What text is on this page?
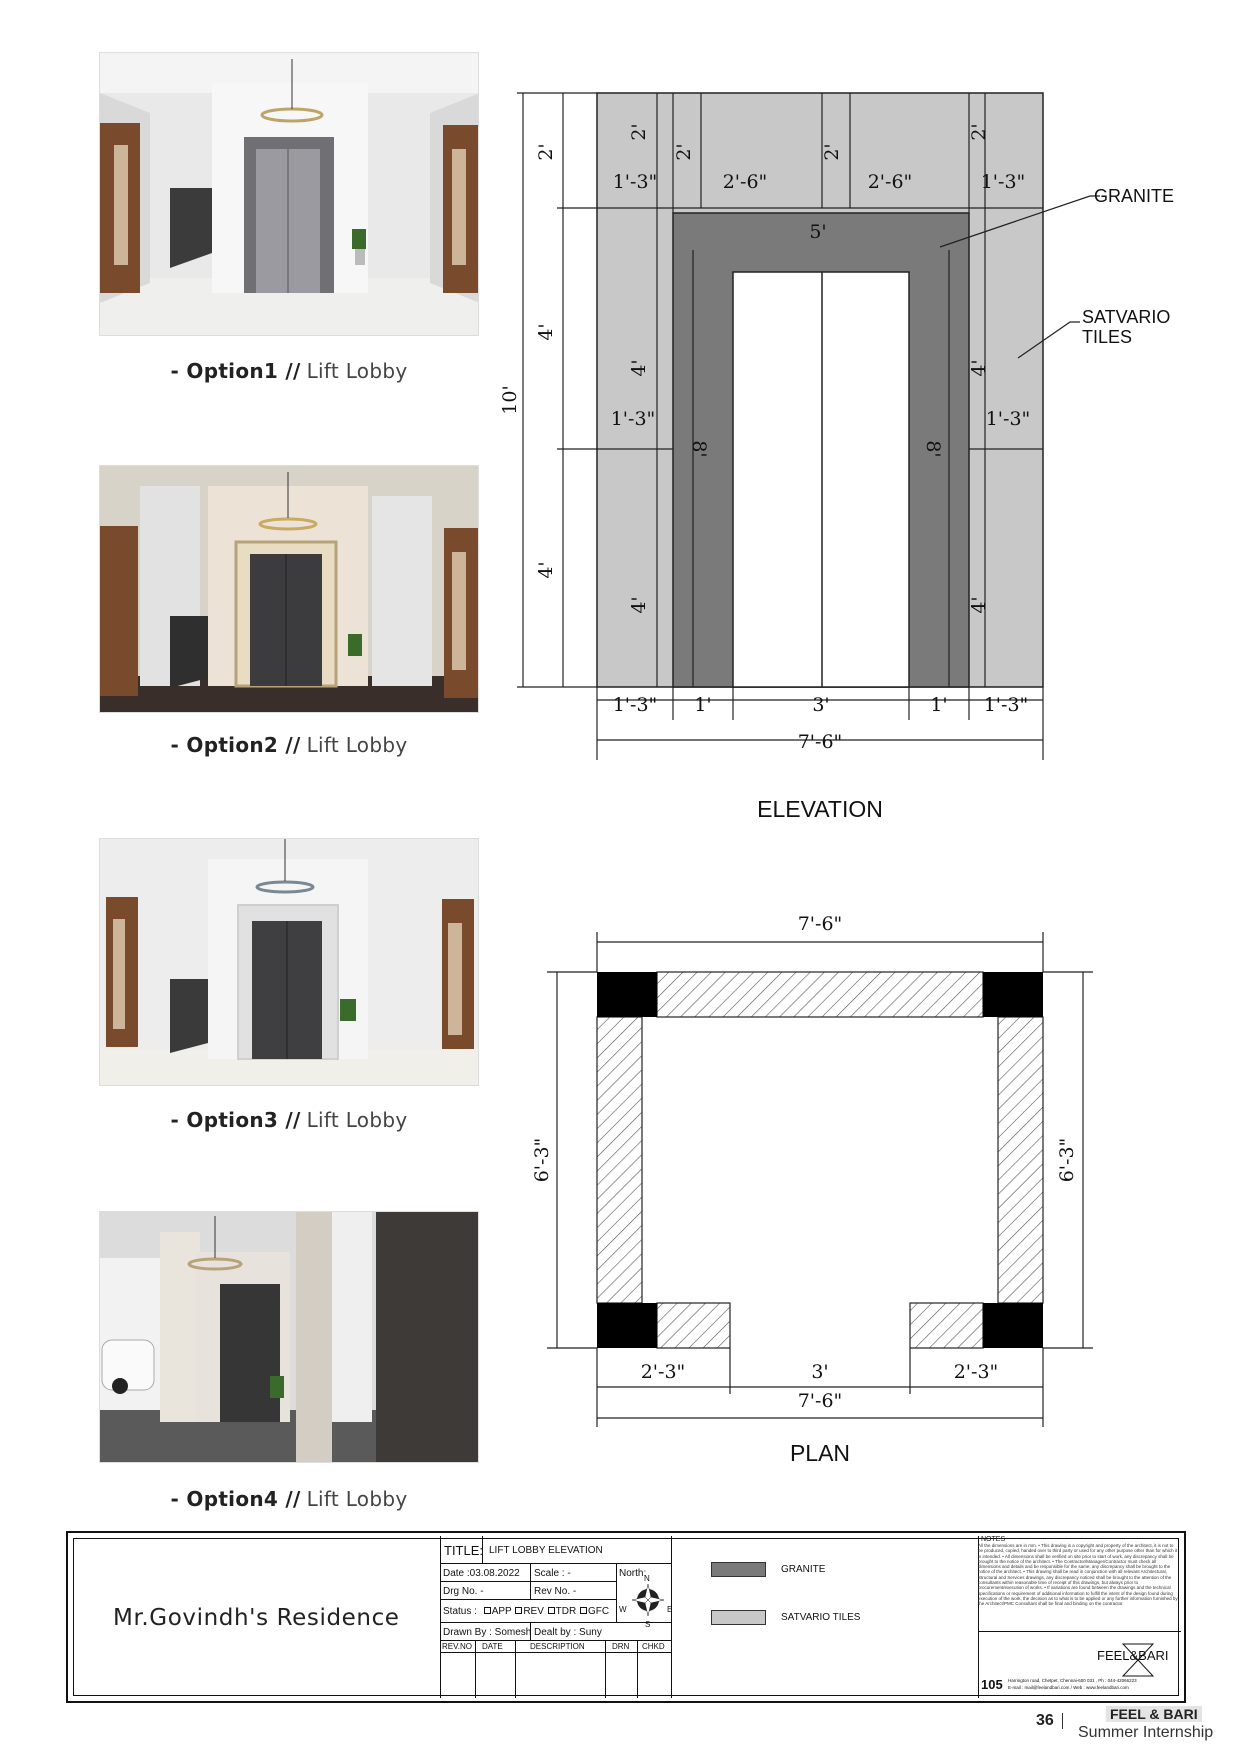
- Option1 // Lift Lobby
- Option2 // Lift Lobby
- Option3 // Lift Lobby
- Option4 // Lift Lobby
10'
2'
4'
4'
2'
2'	2'
2'
1'-3"	2'-6"	2'-6"	1'-3"
5'
4'	4'
1'-3"	1'-3"
8'	8'
4'	4'
1'-3" 1'	3'	1' 1'-3"
7'-6"
GRANITE
SATVARIO
TILES
ELEVATION
7'-6"
6'-3"	6'-3"
2'-3"	3'	2'-3"
7'-6"
PLAN
Mr.Govindh's Residence
TITLE: LIFT LOBBY ELEVATION
Date :03.08.2022 Scale : -	North:
Drg No. -	Rev No. -
Status : APP REV TDR GFC
Drawn By : Somesh Dealt by : Suny
REV.NO DATE	DESCRIPTION	DRN CHKD
N
S
W	E
GRANITE
SATVARIO TILES
NOTES
All the dimensions are in mm. • This drawing is a copyright and property of the architect, it is not to be produced, copied, handed over to third party or used for any other purpose other than for which it is intended. • All dimensions shall be verified on site prior to start of work, any discrepancy shall be brought to the notice of the architect. • The Contractor/Manager/Contractor must check all dimensions and details and be responsible for the same, any discrepancy shall be brought to the notice of the architect. • This drawing shall be read in conjunction with all relevant Architectural, Structural and Services drawings, any discrepancy noticed shall be brought to the attention of the consultants within reasonable time of receipt of this drawings, but always prior to procurement/execution of works. • If variations are found between the drawings and the technical specifications or requirement of additional information to fulfill the intent of the design found during execution of the work, the decision as to what is to be applied or any further information furnished by the Architect/PMC Consultant shall be final and binding on the contractor.
FEEL&BARI
105 Harrington road, Chetpet, Chennai-600 031 , Ph : 044-42066223
E-mail : mail@feelandbari.com / Web : www.feelandbari.com
36	FEEL & BARI
Summer Internship
